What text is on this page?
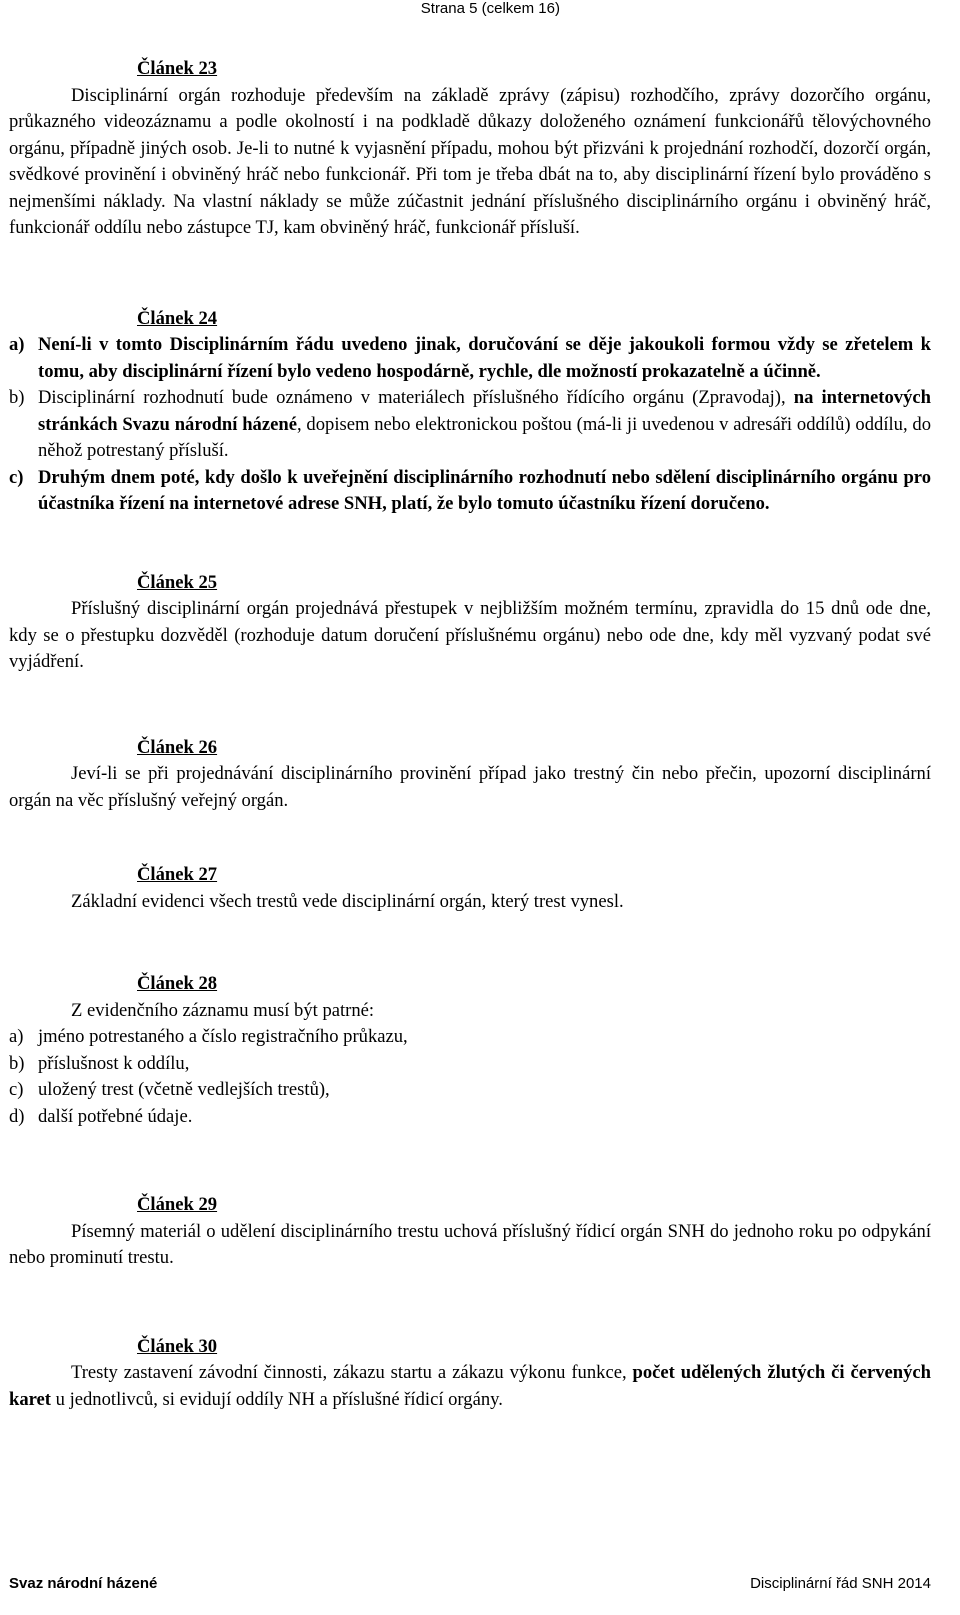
Strana 5 (celkem 16)

Článek 23

Disciplinární orgán rozhoduje především na základě zprávy (zápisu) rozhodčího, zprávy dozorčího orgánu, průkazného videozáznamu a podle okolností i na podkladě důkazy doloženého oznámení funkcionářů tělovýchovného orgánu, případně jiných osob. Je-li to nutné k vyjasnění případu, mohou být přizváni k projednání rozhodčí, dozorčí orgán, svědkové provinění i obviněný hráč nebo funkcionář. Při tom je třeba dbát na to, aby disciplinární řízení bylo prováděno s nejmenšími náklady. Na vlastní náklady se může zúčastnit jednání příslušného disciplinárního orgánu i obviněný hráč, funkcionář oddílu nebo zástupce TJ, kam obviněný hráč, funkcionář přísluší.

Článek 24

a) Není-li v tomto Disciplinárním řádu uvedeno jinak, doručování se děje jakoukoli formou vždy se zřetelem k tomu, aby disciplinární řízení bylo vedeno hospodárně, rychle, dle možností prokazatelně a účinně.
b) Disciplinární rozhodnutí bude oznámeno v materiálech příslušného řídícího orgánu (Zpravodaj), na internetových stránkách Svazu národní házené, dopisem nebo elektronickou poštou (má-li ji uvedenou v adresáři oddílů) oddílu, do něhož potrestaný přísluší.
c) Druhým dnem poté, kdy došlo k uveřejnění disciplinárního rozhodnutí nebo sdělení disciplinárního orgánu pro účastníka řízení na internetové adrese SNH, platí, že bylo tomuto účastníku řízení doručeno.

Článek 25

Příslušný disciplinární orgán projednává přestupek v nejbližším možném termínu, zpravidla do 15 dnů ode dne, kdy se o přestupku dozvěděl (rozhoduje datum doručení příslušnému orgánu) nebo ode dne, kdy měl vyzvaný podat své vyjádření.

Článek 26

Jeví-li se při projednávání disciplinárního provinění případ jako trestný čin nebo přečin, upozorní disciplinární orgán na věc příslušný veřejný orgán.

Článek 27

Základní evidenci všech trestů vede disciplinární orgán, který trest vynesl.

Článek 28

Z evidenčního záznamu musí být patrné:

a) jméno potrestaného a číslo registračního průkazu,
b) příslušnost k oddílu,
c) uložený trest (včetně vedlejších trestů),
d) další potřebné údaje.

Článek 29

Písemný materiál o udělení disciplinárního trestu uchová příslušný řídicí orgán SNH do jednoho roku po odpykání nebo prominutí trestu.

Článek 30

Tresty zastavení závodní činnosti, zákazu startu a zákazu výkonu funkce, počet udělených žlutých či červených karet u jednotlivců, si evidují oddíly NH a příslušné řídicí orgány.

Svaz národní házené	Disciplinární řád SNH 2014
